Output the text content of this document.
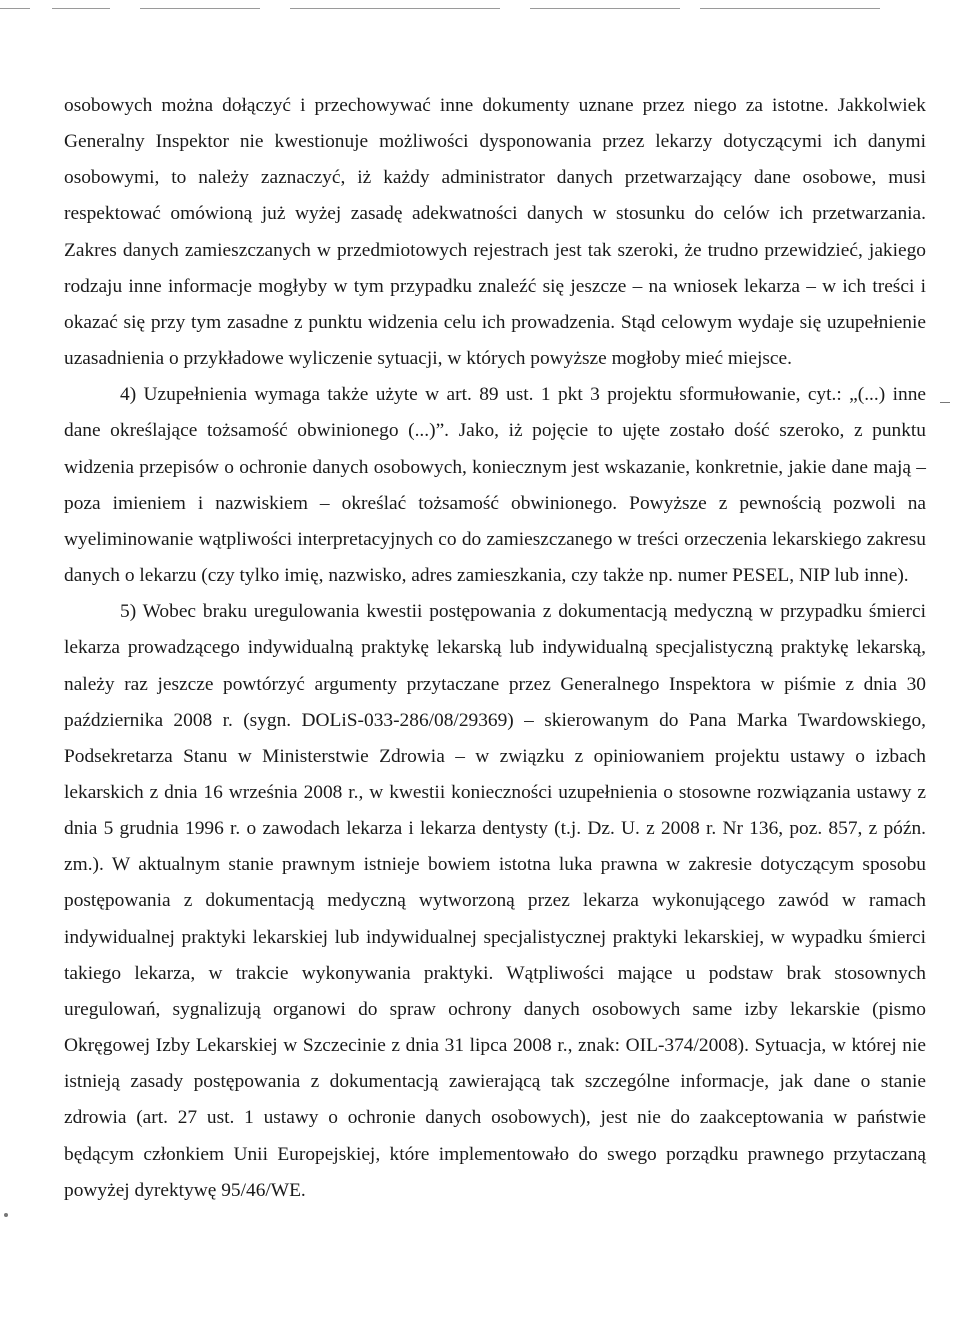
osobowych można dołączyć i przechowywać inne dokumenty uznane przez niego za istotne. Jakkolwiek Generalny Inspektor nie kwestionuje możliwości dysponowania przez lekarzy dotyczącymi ich danymi osobowymi, to należy zaznaczyć, iż każdy administrator danych przetwarzający dane osobowe, musi respektować omówioną już wyżej zasadę adekwatności danych w stosunku do celów ich przetwarzania. Zakres danych zamieszczanych w przedmiotowych rejestrach jest tak szeroki, że trudno przewidzieć, jakiego rodzaju inne informacje mogłyby w tym przypadku znaleźć się jeszcze – na wniosek lekarza – w ich treści i okazać się przy tym zasadne z punktu widzenia celu ich prowadzenia. Stąd celowym wydaje się uzupełnienie uzasadnienia o przykładowe wyliczenie sytuacji, w których powyższe mogłoby mieć miejsce.

4) Uzupełnienia wymaga także użyte w art. 89 ust. 1 pkt 3 projektu sformułowanie, cyt.: „(...) inne dane określające tożsamość obwinionego (...)”. Jako, iż pojęcie to ujęte zostało dość szeroko, z punktu widzenia przepisów o ochronie danych osobowych, koniecznym jest wskazanie, konkretnie, jakie dane mają – poza imieniem i nazwiskiem – określać tożsamość obwinionego. Powyższe z pewnością pozwoli na wyeliminowanie wątpliwości interpretacyjnych co do zamieszczanego w treści orzeczenia lekarskiego zakresu danych o lekarzu (czy tylko imię, nazwisko, adres zamieszkania, czy także np. numer PESEL, NIP lub inne).

5) Wobec braku uregulowania kwestii postępowania z dokumentacją medyczną w przypadku śmierci lekarza prowadzącego indywidualną praktykę lekarską lub indywidualną specjalistyczną praktykę lekarską, należy raz jeszcze powtórzyć argumenty przytaczane przez Generalnego Inspektora w piśmie z dnia 30 października 2008 r. (sygn. DOLiS-033-286/08/29369) – skierowanym do Pana Marka Twardowskiego, Podsekretarza Stanu w Ministerstwie Zdrowia – w związku z opiniowaniem projektu ustawy o izbach lekarskich z dnia 16 września 2008 r., w kwestii konieczności uzupełnienia o stosowne rozwiązania ustawy z dnia 5 grudnia 1996 r. o zawodach lekarza i lekarza dentysty (t.j. Dz. U. z 2008 r. Nr 136, poz. 857, z późn. zm.). W aktualnym stanie prawnym istnieje bowiem istotna luka prawna w zakresie dotyczącym sposobu postępowania z dokumentacją medyczną wytworzoną przez lekarza wykonującego zawód w ramach indywidualnej praktyki lekarskiej lub indywidualnej specjalistycznej praktyki lekarskiej, w wypadku śmierci takiego lekarza, w trakcie wykonywania praktyki. Wątpliwości mające u podstaw brak stosownych uregulowań, sygnalizują organowi do spraw ochrony danych osobowych same izby lekarskie (pismo Okręgowej Izby Lekarskiej w Szczecinie z dnia 31 lipca 2008 r., znak: OIL-374/2008). Sytuacja, w której nie istnieją zasady postępowania z dokumentacją zawierającą tak szczególne informacje, jak dane o stanie zdrowia (art. 27 ust. 1 ustawy o ochronie danych osobowych), jest nie do zaakceptowania w państwie będącym członkiem Unii Europejskiej, które implementowało do swego porządku prawnego przytaczaną powyżej dyrektywę 95/46/WE.
